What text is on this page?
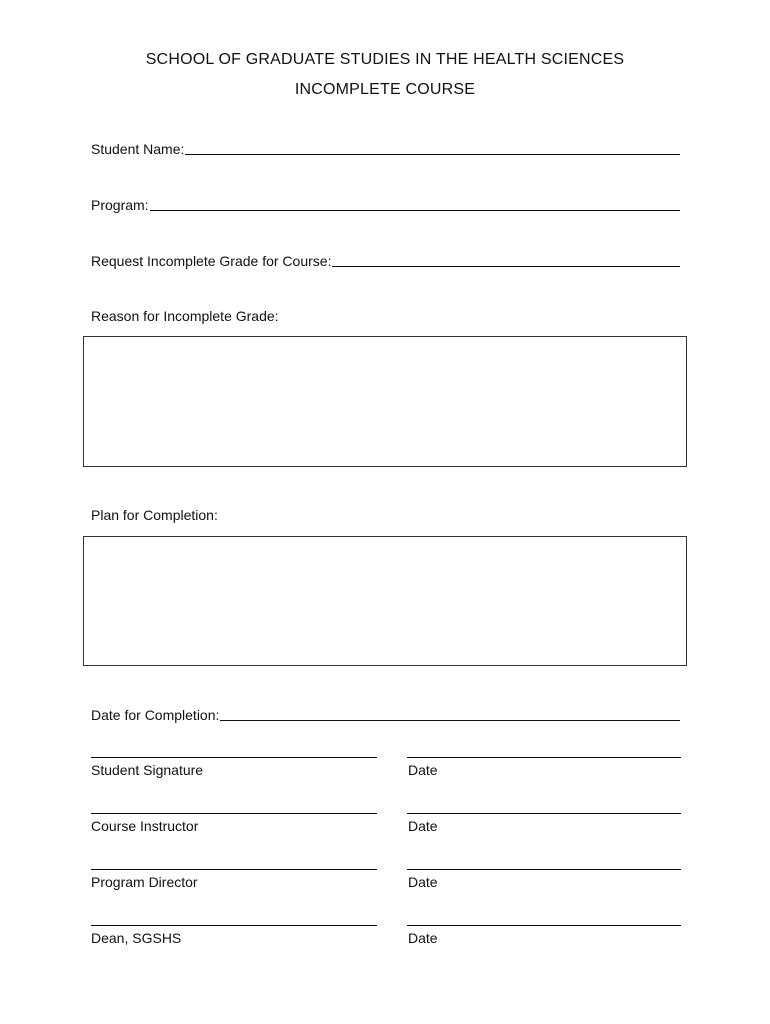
SCHOOL OF GRADUATE STUDIES IN THE HEALTH SCIENCES
INCOMPLETE COURSE
Student Name:
Program:
Request Incomplete Grade for Course:
Reason for Incomplete Grade:
Plan for Completion:
Date for Completion:
Student Signature	Date
Course Instructor	Date
Program Director	Date
Dean, SGSHS	Date
